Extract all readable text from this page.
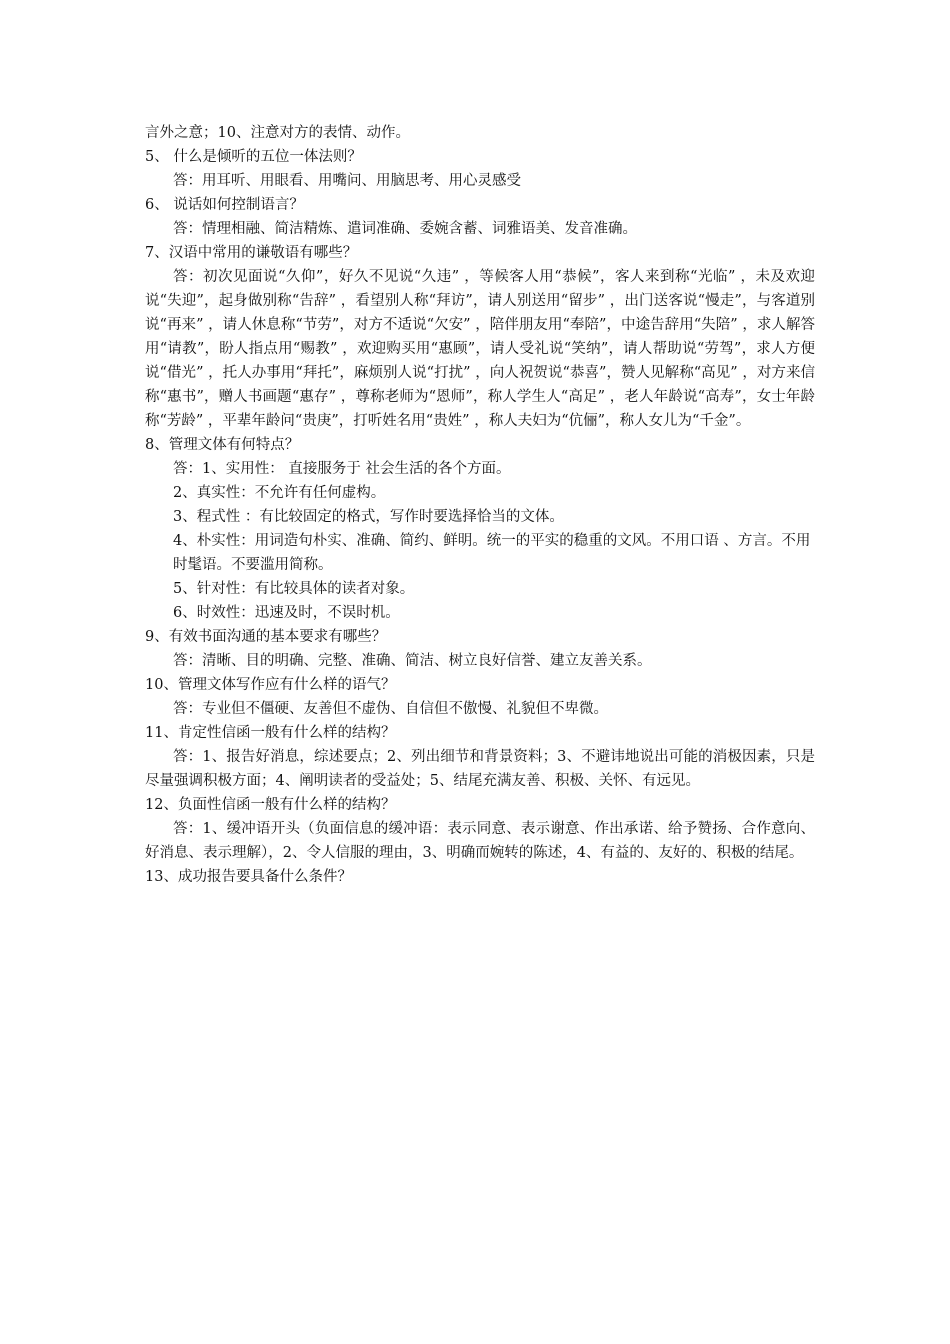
言外之意；10、注意对方的表情、动作。

5、 什么是倾听的五位一体法则？

答：用耳听、用眼看、用嘴问、用脑思考、用心灵感受

6、 说话如何控制语言？

答：情理相融、简洁精炼、遣词准确、委婉含蓄、词雅语美、发音准确。

7、汉语中常用的谦敬语有哪些？

答：初次见面说“久仰”，好久不见说“久违” ，等候客人用“恭候”，客人来到称“光临” ，未及欢迎说“失迎”，起身做别称“告辞” ，看望别人称“拜访”，请人别送用“留步” ，出门送客说“慢走”，与客道别说“再来” ，请人休息称“节劳”，对方不适说“欠安” ，陪伴朋友用“奉陪”，中途告辞用“失陪” ，求人解答用“请教”，盼人指点用“赐教” ，欢迎购买用“惠顾”，请人受礼说“笑纳”，请人帮助说“劳驾”，求人方便说“借光” ，托人办事用“拜托”，麻烦别人说“打扰” ，向人祝贺说“恭喜”，赞人见解称“高见” ，对方来信称“惠书”，赠人书画题“惠存” ，尊称老师为“恩师”，称人学生人“高足” ，老人年龄说“高寿”，女士年龄称“芳龄” ，平辈年龄问“贵庚”，打听姓名用“贵姓” ，称人夫妇为“伉俪”，称人女儿为“千金”。

8、管理文体有何特点？

答：1、实用性： 直接服务于 社会生活的各个方面。

2、真实性：不允许有任何虚构。

3、程式性 ：有比较固定的格式，写作时要选择恰当的文体。

4、朴实性：用词造句朴实、准确、简约、鲜明。统一的平实的稳重的文风。不用口语 、方言。不用时髦语。不要滥用简称。

5、针对性：有比较具体的读者对象。

6、时效性：迅速及时，不误时机。

9、有效书面沟通的基本要求有哪些？

答：清晰、目的明确、完整、准确、简洁、树立良好信誉、建立友善关系。

10、管理文体写作应有什么样的语气？

答：专业但不僵硬、友善但不虚伪、自信但不傲慢、礼貌但不卑微。

11、肯定性信函一般有什么样的结构？

答：1、报告好消息，综述要点；2、列出细节和背景资料；3、不避讳地说出可能的消极因素，只是尽量强调积极方面；4、阐明读者的受益处；5、结尾充满友善、积极、关怀、有远见。

12、负面性信函一般有什么样的结构？

答：1、缓冲语开头（负面信息的缓冲语：表示同意、表示谢意、作出承诺、给予赞扬、合作意向、好消息、表示理解），2、令人信服的理由，3、明确而婉转的陈述，4、有益的、友好的、积极的结尾。

13、成功报告要具备什么条件？
